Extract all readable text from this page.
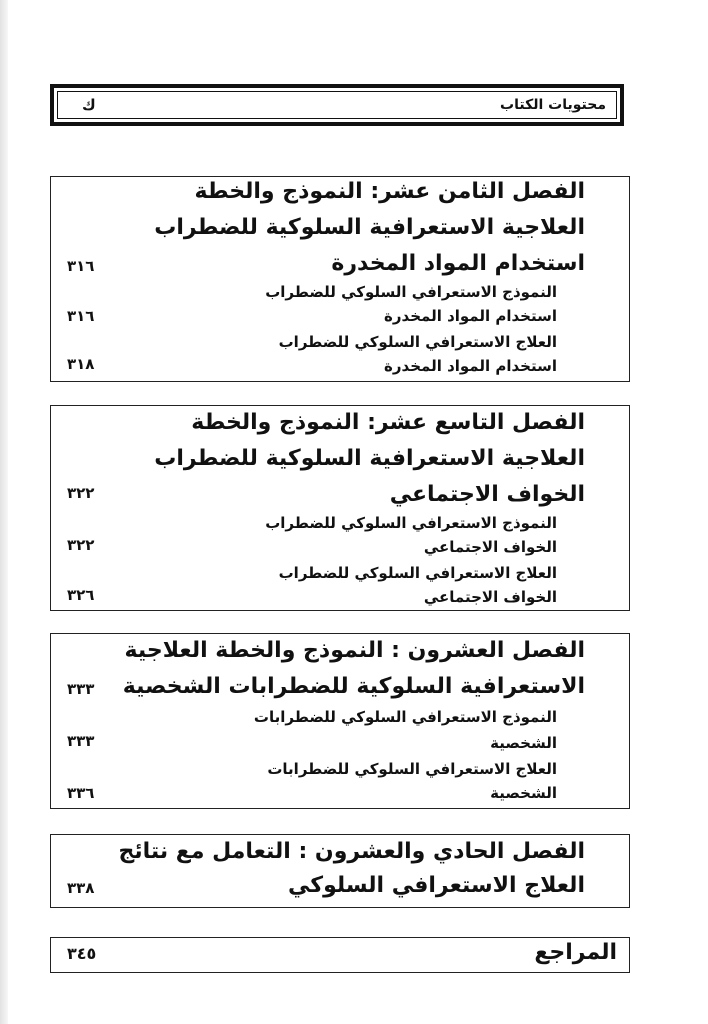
محتويات الكتاب
ك
الفصل الثامن عشر: النموذج والخطة
العلاجية الاستعرافية السلوكية للضطراب
استخدام المواد المخدرة
٣١٦
النموذج الاستعرافي السلوكي للضطراب
استخدام المواد المخدرة
٣١٦
العلاج الاستعرافي السلوكي للضطراب
استخدام المواد المخدرة
٣١٨
الفصل التاسع عشر: النموذج والخطة
العلاجية الاستعرافية السلوكية للضطراب
الخواف الاجتماعي
٣٢٢
النموذج الاستعرافي السلوكي للضطراب
الخواف الاجتماعي
٣٢٢
العلاج الاستعرافي السلوكي للضطراب
الخواف الاجتماعي
٣٢٦
الفصل العشرون : النموذج والخطة العلاجية
الاستعرافية السلوكية للضطرابات الشخصية
٣٣٣
النموذج الاستعرافي السلوكي للضطرابات
الشخصية
٣٣٣
العلاج الاستعرافي السلوكي للضطرابات
الشخصية
٣٣٦
الفصل الحادي والعشرون : التعامل مع نتائج
العلاج الاستعرافي السلوكي
٣٣٨
المراجع
٣٤٥
